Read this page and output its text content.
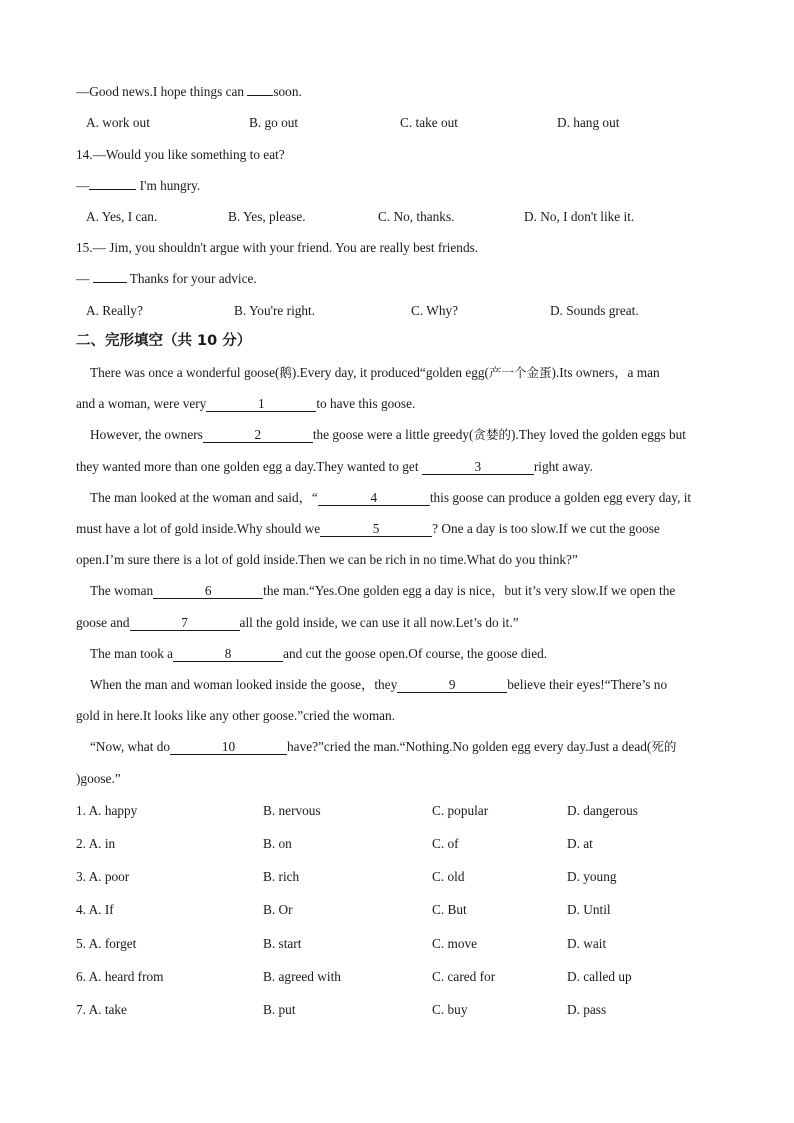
—Good news.I hope things can soon.
A. work out	B. go out	C. take out	D. hang out
14.—Would you like something to eat?
—	I'm hungry.
A. Yes, I can.	B. Yes, please.	C. No, thanks.	D. No, I don't like it.
15.— Jim, you shouldn't argue with your friend. You are really best friends.
—	Thanks for your advice.
A. Really?	B. You're right.	C. Why?	D. Sounds great.
二、完形填空（共 10 分）
There was once a wonderful goose(鹅).Every day, it produced“golden egg(产一个金蛋).Its owners，a man
and a woman, were very	1	to have this goose.
However, the owners	2	the goose were a little greedy(贪婪的).They loved the golden eggs but
they wanted more than one golden egg a day.They wanted to get	3	right away.
The man looked at the woman and said，“	4	this goose can produce a golden egg every day, it
must have a lot of gold inside.Why should we	5	? One a day is too slow.If we cut the goose
open.I’m sure there is a lot of gold inside.Then we can be rich in no time.What do you think?”
The woman	6	the man.“Yes.One golden egg a day is nice，but it’s very slow.If we open the
goose and	7	all the gold inside, we can use it all now.Let’s do it.”
The man took a	8	and cut the goose open.Of course, the goose died.
When the man and woman looked inside the goose，they	9	believe their eyes!“There’s no
gold in here.It looks like any other goose.”cried the woman.
“Now, what do	10	have?”cried the man.“Nothing.No golden egg every day.Just a dead(死的
)goose.”
1. A. happy	B. nervous	C. popular	D. dangerous
2. A. in	B. on	C. of	D. at
3. A. poor	B. rich	C. old	D. young
4. A. If	B. Or	C. But	D. Until
5. A. forget	B. start	C. move	D. wait
6. A. heard from	B. agreed with	C. cared for	D. called up
7. A. take	B. put	C. buy	D. pass
